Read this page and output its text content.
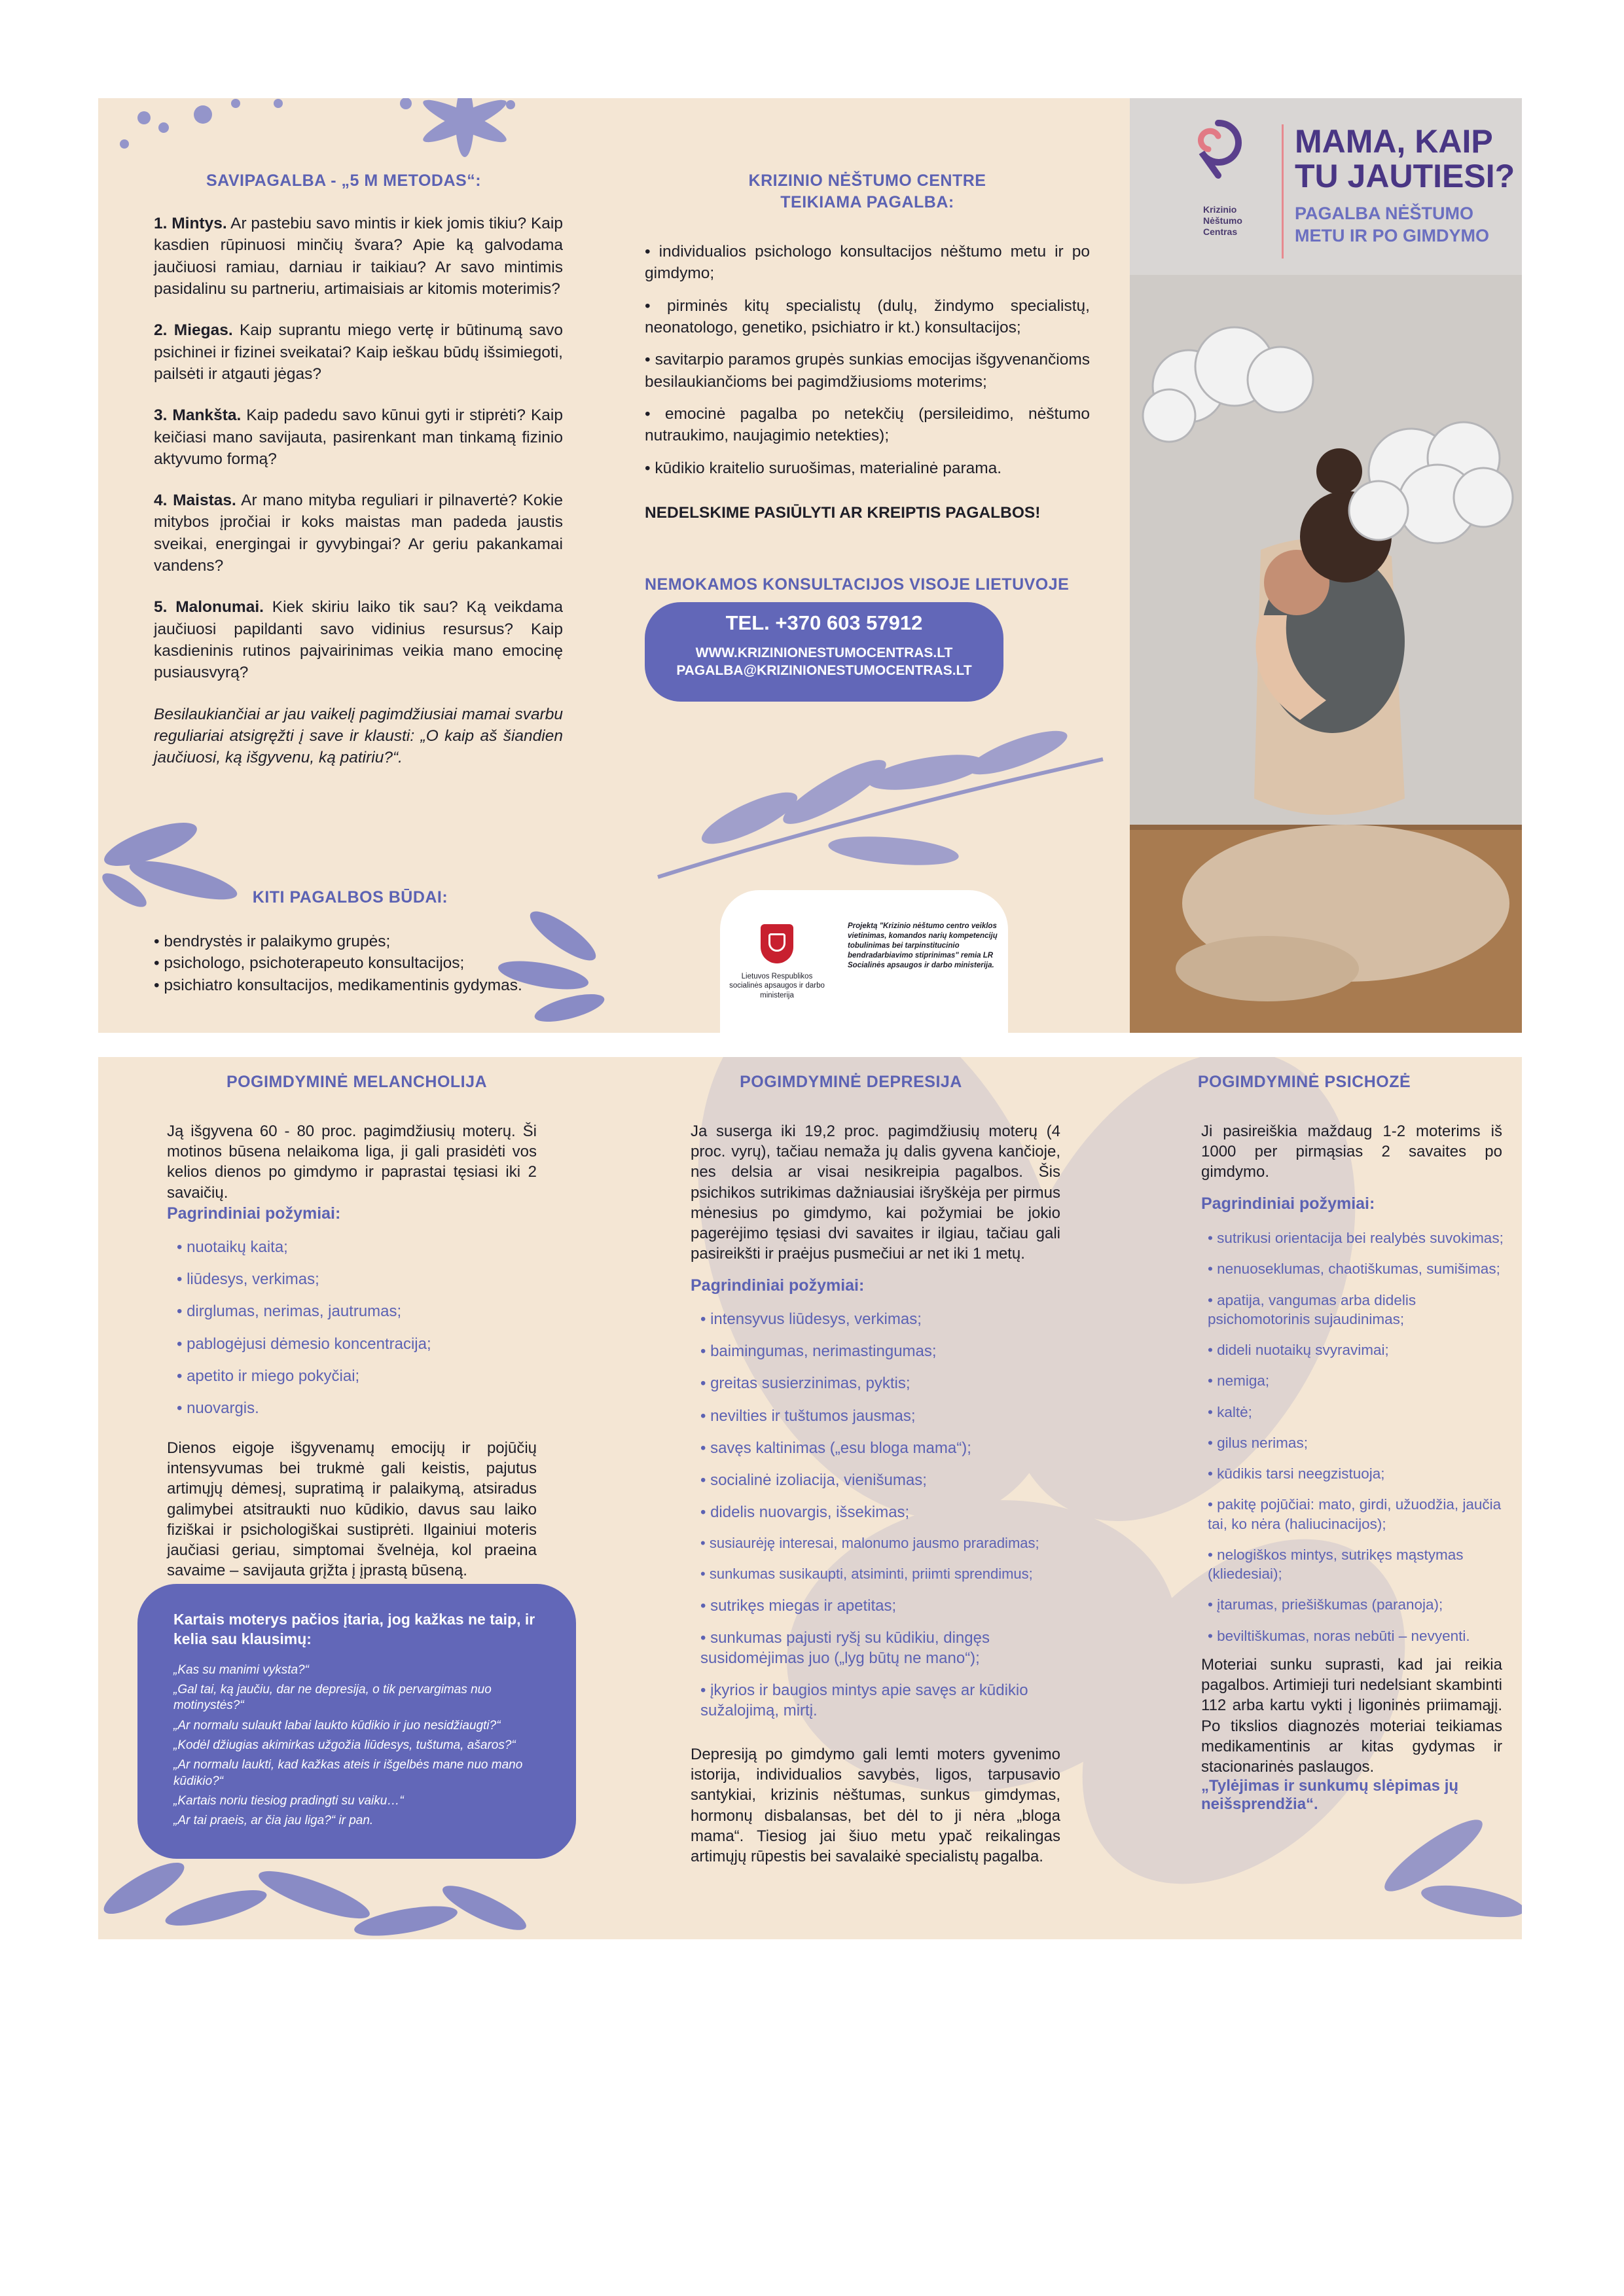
SAVIPAGALBA - „5 M METODAS“:

1. Mintys. Ar pastebiu savo mintis ir kiek jomis tikiu? Kaip kasdien rūpinuosi minčių švara? Apie ką galvodama jaučiuosi ramiau, darniau ir taikiau? Ar savo mintimis pasidalinu su partneriu, artimaisiais ar kitomis moterimis?

2. Miegas. Kaip suprantu miego vertę ir būtinumą savo psichinei ir fizinei sveikatai? Kaip ieškau būdų išsimiegoti, pailsėti ir atgauti jėgas?

3. Mankšta. Kaip padedu savo kūnui gyti ir stiprėti? Kaip keičiasi mano savijauta, pasirenkant man tinkamą fizinio aktyvumo formą?

4. Maistas. Ar mano mityba reguliari ir pilnavertė? Kokie mitybos įpročiai ir koks maistas man padeda jaustis sveikai, energingai ir gyvybingai? Ar geriu pakankamai vandens?

5. Malonumai. Kiek skiriu laiko tik sau? Ką veikdama jaučiuosi papildanti savo vidinius resursus? Kaip kasdieninis rutinos pajvairinimas veikia mano emocinę pusiausvyrą?

Besilaukiančiai ar jau vaikelį pagimdžiusiai mamai svarbu reguliariai atsigręžti į save ir klausti: „O kaip aš šiandien jaučiuosi, ką išgyvenu, ką patiriu?“.

KITI PAGALBOS BŪDAI:
• bendrystės ir palaikymo grupės;
• psichologo, psichoterapeuto konsultacijos;
• psichiatro konsultacijos, medikamentinis gydymas.
KRIZINIO NĖŠTUMO CENTRE
TEIKIAMA PAGALBA:
• individualios psichologo konsultacijos nėštumo metu ir po gimdymo;
• pirminės kitų specialistų (dulų, žindymo specialistų, neonatologo, genetiko, psichiatro ir kt.) konsultacijos;
• savitarpio paramos grupės sunkias emocijas išgyvenančioms besilaukiančioms bei pagimdžiusioms moterims;
• emocinė pagalba po netekčių (persileidimo, nėštumo nutraukimo, naujagimio netekties);
• kūdikio kraitelio suruošimas, materialinė parama.
NEDELSKIME PASIŪLYTI AR KREIPTIS PAGALBOS!
NEMOKAMOS KONSULTACIJOS VISOJE LIETUVOJE
TEL. +370 603 57912
WWW.KRIZINIONESTUMOCENTRAS.LT
PAGALBA@KRIZINIONESTUMOCENTRAS.LT
Lietuvos Respublikos socialinės apsaugos ir darbo ministerija
Projektą "Krizinio nėštumo centro veiklos vietinimas, komandos narių kompetencijų tobulinimas bei tarpinstitucinio bendradarbiavimo stiprinimas" remia LR Socialinės apsaugos ir darbo ministerija.
Krizinio
Nėštumo
Centras
MAMA, KAIP TU JAUTIESI?
PAGALBA NĖŠTUMO METU IR PO GIMDYMO
POGIMDYMINĖ MELANCHOLIJA
Ją išgyvena 60 - 80 proc. pagimdžiusių moterų. Ši motinos būsena nelaikoma liga, ji gali prasidėti vos kelios dienos po gimdymo ir paprastai tęsiasi iki 2 savaičių.
Pagrindiniai požymiai:
• nuotaikų kaita;
• liūdesys, verkimas;
• dirglumas, nerimas, jautrumas;
• pablogėjusi dėmesio koncentracija;
• apetito ir miego pokyčiai;
• nuovargis.
Dienos eigoje išgyvenamų emocijų ir pojūčių intensyvumas bei trukmė gali keistis, pajutus artimųjų dėmesį, supratimą ir palaikymą, atsiradus galimybei atsitraukti nuo kūdikio, davus sau laiko fiziškai ir psichologiškai sustiprėti. Ilgainiui moteris jaučiasi geriau, simptomai švelnėja, kol praeina savaime – savijauta grįžta į įprastą būseną.
Kartais moterys pačios įtaria, jog kažkas ne taip, ir kelia sau klausimų:
„Kas su manimi vyksta?“
„Gal tai, ką jaučiu, dar ne depresija, o tik pervargimas nuo motinystės?“
„Ar normalu sulaukt labai laukto kūdikio ir juo nesidžiaugti?“
„Kodėl džiugias akimirkas užgožia liūdesys, tuštuma, ašaros?“
„Ar normalu laukti, kad kažkas ateis ir išgelbės mane nuo mano kūdikio?“
„Kartais noriu tiesiog pradingti su vaiku…“
„Ar tai praeis, ar čia jau liga?“ ir pan.
POGIMDYMINĖ DEPRESIJA
Ja suserga iki 19,2 proc. pagimdžiusių moterų (4 proc. vyrų), tačiau nemaža jų dalis gyvena kančioje, nes delsia ar visai nesikreipia pagalbos. Šis psichikos sutrikimas dažniausiai išryškėja per pirmus mėnesius po gimdymo, kai požymiai be jokio pagerėjimo tęsiasi dvi savaites ir ilgiau, tačiau gali pasireikšti ir praėjus pusmečiui ar net iki 1 metų.
Pagrindiniai požymiai:
• intensyvus liūdesys, verkimas;
• baimingumas, nerimastingumas;
• greitas susierzinimas, pyktis;
• nevilties ir tuštumos jausmas;
• savęs kaltinimas („esu bloga mama“);
• socialinė izoliacija, vienišumas;
• didelis nuovargis, išsekimas;
• susiaurėję interesai, malonumo jausmo praradimas;
• sunkumas susikaupti, atsiminti, priimti sprendimus;
• sutrikęs miegas ir apetitas;
• sunkumas pajusti ryšį su kūdikiu, dingęs susidomėjimas juo („lyg būtų ne mano“);
• įkyrios ir baugios mintys apie savęs ar kūdikio sužalojimą, mirtį.
Depresiją po gimdymo gali lemti moters gyvenimo istorija, individualios savybės, ligos, tarpusavio santykiai, krizinis nėštumas, sunkus gimdymas, hormonų disbalansas, bet dėl to ji nėra „bloga mama“. Tiesiog jai šiuo metu ypač reikalingas artimųjų rūpestis bei savalaikė specialistų pagalba.
POGIMDYMINĖ PSICHOZĖ
Ji pasireiškia maždaug 1-2 moterims iš 1000 per pirmąsias 2 savaites po gimdymo.
Pagrindiniai požymiai:
• sutrikusi orientacija bei realybės suvokimas;
• nenuoseklumas, chaotiškumas, sumišimas;
• apatija, vangumas arba didelis psichomotorinis sujaudinimas;
• dideli nuotaikų svyravimai;
• nemiga;
• kaltė;
• gilus nerimas;
• kūdikis tarsi neegzistuoja;
• pakitę pojūčiai: mato, girdi, užuodžia, jaučia tai, ko nėra (haliucinacijos);
• nelogiškos mintys, sutrikęs mąstymas (kliedesiai);
• įtarumas, priešiškumas (paranoja);
• beviltiškumas, noras nebūti – nevyenti.
Moteriai sunku suprasti, kad jai reikia pagalbos. Artimieji turi nedelsiant skambinti 112 arba kartu vykti į ligoninės priimamąjį. Po tikslios diagnozės moteriai teikiamas medikamentinis ar kitas gydymas ir stacionarinės paslaugos.
„Tylėjimas ir sunkumų slėpimas jų neišsprendžia“.
